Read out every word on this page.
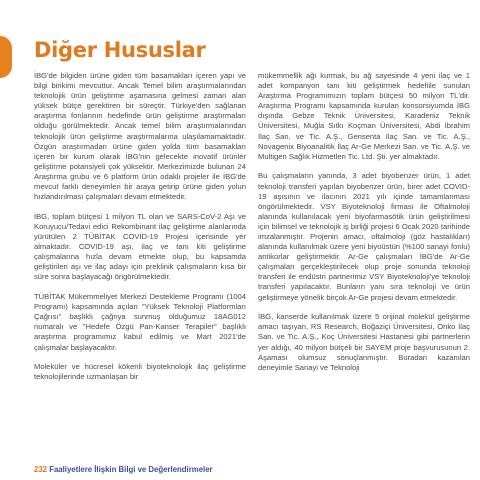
Diğer Hususlar

İBG'de bilgiden ürüne giden tüm basamakları içeren yapı ve bilgi birikimi mevcuttur. Ancak Temel bilim araştırmalarından teknolojik ürün geliştirme aşamasına gelmesi zaman alan yüksek bütçe gerektiren bir süreçtir. Türkiye'den sağlanan araştırma fonlarının hedefinde ürün geliştirme araştırmaları olduğu görülmektedir. Ancak temel bilim araştırmalarından teknolojik ürün geliştirme araştırmalarına ulaşılamamaktadır. Özgün araştırmadan ürüne giden yolda tüm basamakları içeren bir kurum olarak İBG'nin gelecekte inovatif ürünler geliştirme potansiyeli çok yüksektir. Merkezimizde bulunan 24 Araştırma grubu ve 6 platform ürün odaklı projeler ile İBG'de mevcut farklı deneyimleri bir araya getirip ürüne giden yolun hızlandırılması çalışmaları devam etmektedir.

İBG, toplam bütçesi 1 milyon TL olan ve SARS-CoV-2 Aşı ve Koruyucu/Tedavi edici Rekombinant ilaç geliştirme alanlarında yürütülen 2 TÜBİTAK COVID-19 Projesi içerisinde yer almaktadır. COVID-19 aşı, ilaç ve tanı kiti geliştirme çalışmalarına hızla devam etmekte olup, bu kapsamda geliştirilen aşı ve ilaç adayı için preklinik çalışmaların kısa bir süre sonra başlayacağı öngörülmektedir.

TÜBİTAK Mükemmeliyet Merkezi Destekleme Programı (1004 Programı) kapsamında açılan "Yüksek Teknoloji Platformları Çağrısı" başlıklı çağnya sunmuş olduğumuz 18AG012 numaralı ve "Hedefe Özgü Pan-Kanser Terapiler" başlıklı araştırma programımız kabul edilmiş ve Mart 2021'de çalışmalar başlayacaktır.

Moleküler ve hücresel kökenli biyoteknolojik ilaç geliştirme teknolojilerinde uzmanlaşan bir

mükemmellik ağı kurmak, bu ağ sayesinde 4 yeni ilaç ve 1 adet kompanyon tanı kiti geliştirmek hedefiile sunulan Araştırma Programımızın toplam bütçesi 50 milyon TL'dir. Araştırma Programı kapsamında kurulan konsorsiyumda İBG dışında Gebze Teknik Üniversitesi, Karadeniz Teknik Üniversitesi, Muğla Sıtkı Koçman Üniversitesi, Abdi İbrahim İlaç San. ve Tic. A.Ş., Gensenta İlaç San. ve Tic. A.Ş., Novagenix Biyoanalitik İlaç Ar-Ge Merkezi San. ve Tic. A.Ş. ve Multigen Sağlık Hizmetleri Tic. Ltd. Şti. yer almaktadır.

Bu çalışmaların yanında, 3 adet biyobenzer ürün, 1 adet teknoloji transferi yapılan biyobenzer ürün, birer adet COVID-19 aşısının ve ilacının 2021 yılı içinde tamamlanması öngörülmektedir. VSY Biyoteknoloji firması ile Oftalmoloji alanında kullanılacak yeni biyofarmasötik ürün geliştirilmesi için bilimsel ve teknolojik iş birliği projesi 6 Ocak 2020 tarihinde imzalanmıştır. Projenin amacı, oftalmoloji (göz hastalıkları) alanında kullanılmak üzere yeni biyoüstün (%100 sanayi fonlu) antikorlar geliştirmektir. Ar-Ge çalışmaları İBG'de Ar-Ge çalışmaları gerçekleştirilecek olup proje sonunda teknoloji transferi ile endüstri partnerimiz VSY Biyoteknoloji'ye teknoloji transferi yapılacaktır. Bunların yanı sıra teknoloji ve ürün geliştirmeye yönelik birçok Ar-Ge projesi devam etmektedir.

İBG, kanserde kullanılmak üzere 5 orijinal molekül geliştirme amacı taşıyan, RS Research, Boğaziçi Üniversitesi, Onko İlaç San. ve Tic. A.Ş., Koç Üniversitesi Hastanesi gibi partnerlerin yer aldığı, 40 milyon bütçeli bir SAYEM proje başvurusunun 2. Aşaması olumsuz sonuçlanmıştır. Buradan kazanılan deneyimle Sanayi ve Teknoloji

232 Faaliyetlere İlişkin Bilgi ve Değerlendirmeler
